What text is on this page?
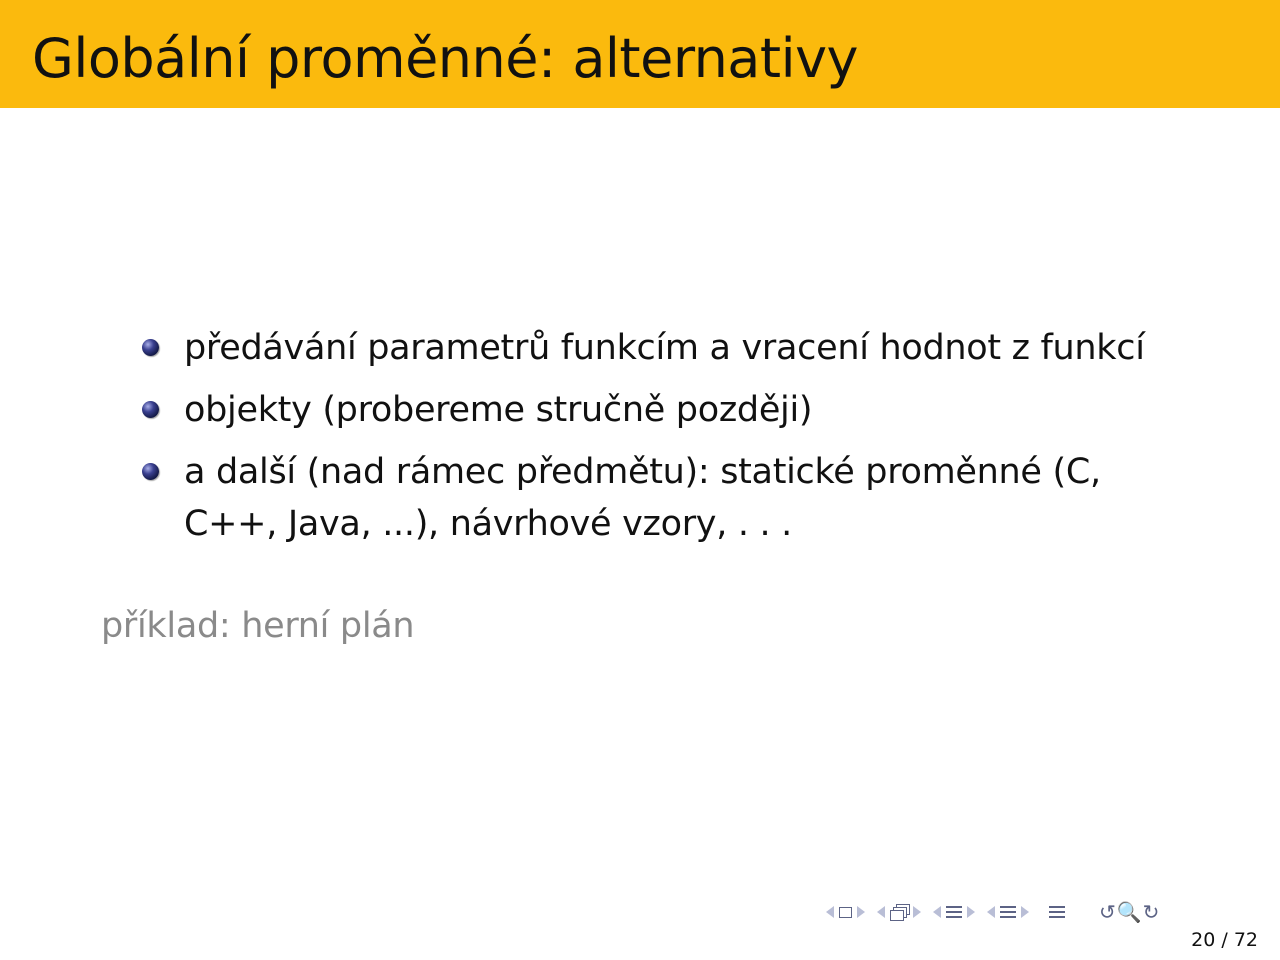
Globální proměnné: alternativy
předávání parametrů funkcím a vracení hodnot z funkcí
objekty (probereme stručně později)
a další (nad rámec předmětu): statické proměnné (C, C++, Java, ...), návrhové vzory, . . .
příklad: herní plán
↺🔍↻
20 / 72
